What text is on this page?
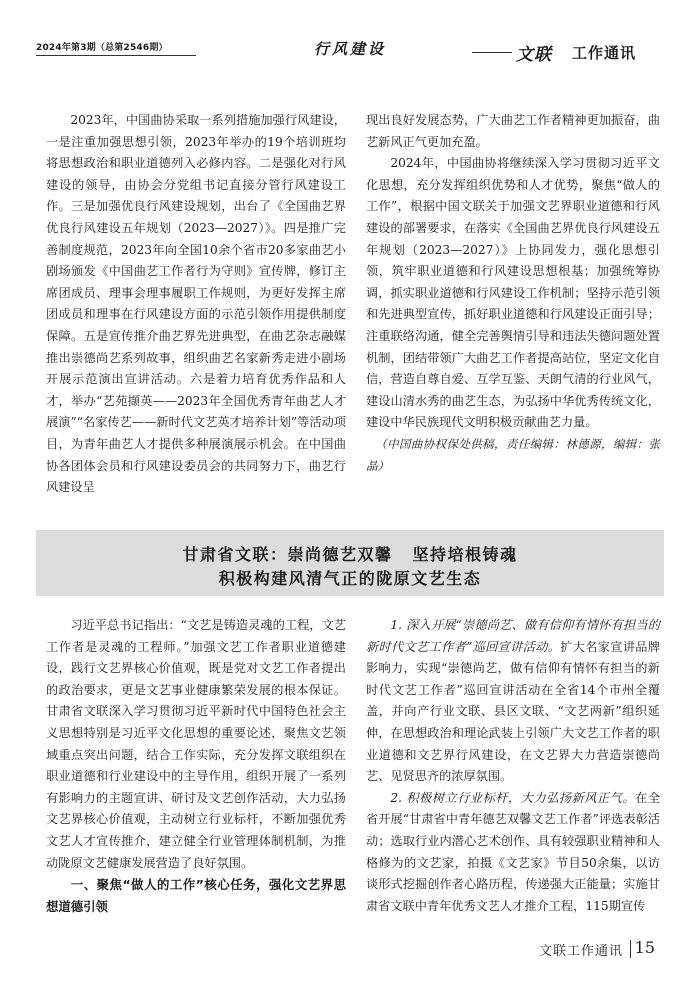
2024年第3期（总第2546期）	行风建设	文联 工作通讯

2023年，中国曲协采取一系列措施加强行风建设，一是注重加强思想引领，2023年举办的19个培训班均将思想政治和职业道德列入必修内容。二是强化对行风建设的领导，由协会分党组书记直接分管行风建设工作。三是加强优良行风建设规划，出台了《全国曲艺界优良行风建设五年规划（2023—2027）》。四是推广完善制度规范，2023年向全国10余个省市20多家曲艺小剧场颁发《中国曲艺工作者行为守则》宣传牌，修订主席团成员、理事会理事履职工作规则，为更好发挥主席团成员和理事在行风建设方面的示范引领作用提供制度保障。五是宣传推介曲艺界先进典型，在曲艺杂志融媒推出崇德尚艺系列故事，组织曲艺名家新秀走进小剧场开展示范演出宣讲活动。六是着力培育优秀作品和人才，举办“艺苑撷英——2023年全国优秀青年曲艺人才展演”“名家传艺——新时代文艺英才培养计划”等活动项目，为青年曲艺人才提供多种展演展示机会。在中国曲协各团体会员和行风建设委员会的共同努力下，曲艺行风建设呈

现出良好发展态势，广大曲艺工作者精神更加振奋，曲艺新风正气更加充盈。

2024年，中国曲协将继续深入学习贯彻习近平文化思想，充分发挥组织优势和人才优势，聚焦“做人的工作”，根据中国文联关于加强文艺界职业道德和行风建设的部署要求，在落实《全国曲艺界优良行风建设五年规划（2023—2027）》上协同发力，强化思想引领，筑牢职业道德和行风建设思想根基；加强统筹协调，抓实职业道德和行风建设工作机制；坚持示范引领和先进典型宣传，抓好职业道德和行风建设正面引导；注重联络沟通，健全完善舆情引导和违法失德问题处置机制，团结带领广大曲艺工作者提高站位，坚定文化自信，营造自尊自爱、互学互鉴、天朗气清的行业风气，建设山清水秀的曲艺生态，为弘扬中华优秀传统文化，建设中华民族现代文明积极贡献曲艺力量。

（中国曲协权保处供稿，责任编辑：林德源，编辑：张晶）

甘肃省文联：崇尚德艺双馨 坚持培根铸魂
积极构建风清气正的陇原文艺生态

习近平总书记指出：“文艺是铸造灵魂的工程，文艺工作者是灵魂的工程师。”加强文艺工作者职业道德建设，践行文艺界核心价值观，既是党对文艺工作者提出的政治要求，更是文艺事业健康繁荣发展的根本保证。甘肃省文联深入学习贯彻习近平新时代中国特色社会主义思想特别是习近平文化思想的重要论述，聚焦文艺领域重点突出问题，结合工作实际，充分发挥文联组织在职业道德和行业建设中的主导作用，组织开展了一系列有影响力的主题宣讲、研讨及文艺创作活动，大力弘扬文艺界核心价值观，主动树立行业标杆，不断加强优秀文艺人才宣传推介，建立健全行业管理体制机制，为推动陇原文艺健康发展营造了良好氛围。

一、聚焦“做人的工作”核心任务，强化文艺界思想道德引领

1. 深入开展“崇德尚艺、做有信仰有情怀有担当的新时代文艺工作者”巡回宣讲活动。扩大名家宣讲品牌影响力，实现“崇德尚艺，做有信仰有情怀有担当的新时代文艺工作者”巡回宣讲活动在全省14个市州全覆盖，并向产行业文联、县区文联、“文艺两新”组织延伸，在思想政治和理论武装上引领广大文艺工作者的职业道德和文艺界行风建设，在文艺界大力营造崇德尚艺、见贤思齐的浓厚氛围。

2. 积极树立行业标杆，大力弘扬新风正气。在全省开展“甘肃省中青年德艺双馨文艺工作者”评选表彰活动；选取行业内潜心艺术创作、具有较强职业精神和人格修为的文艺家，拍摄《文艺家》节目50余集，以访谈形式挖掘创作者心路历程，传递强大正能量；实施甘肃省文联中青年优秀文艺人才推介工程，115期宣传

文联工作通讯 15
